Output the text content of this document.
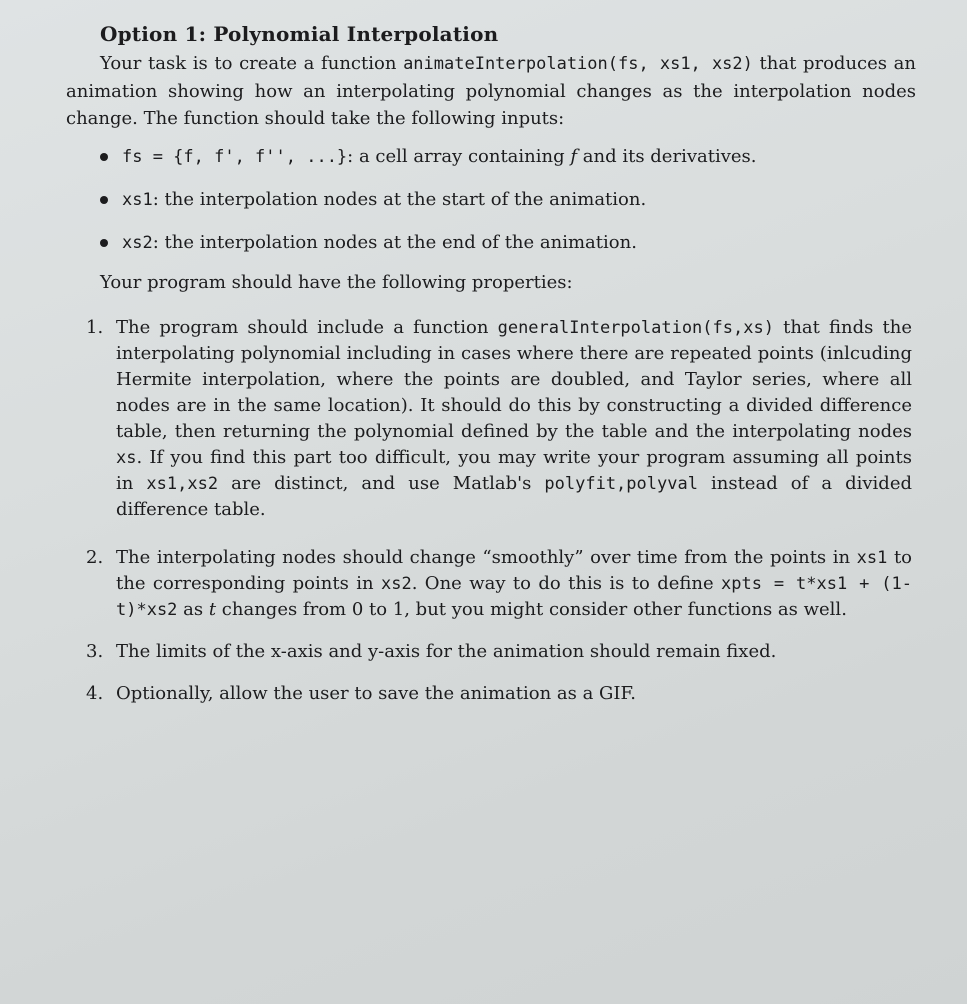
Option 1: Polynomial Interpolation
Your task is to create a function animateInterpolation(fs, xs1, xs2) that produces an animation showing how an interpolating polynomial changes as the interpolation nodes change. The function should take the following inputs:
fs = {f, f', f'', ...}: a cell array containing f and its derivatives.
xs1: the interpolation nodes at the start of the animation.
xs2: the interpolation nodes at the end of the animation.
Your program should have the following properties:
1. The program should include a function generalInterpolation(fs,xs) that finds the interpolating polynomial including in cases where there are repeated points (inlcuding Hermite interpolation, where the points are doubled, and Taylor series, where all nodes are in the same location). It should do this by constructing a divided difference table, then returning the polynomial defined by the table and the interpolating nodes xs. If you find this part too difficult, you may write your program assuming all points in xs1,xs2 are distinct, and use Matlab's polyfit,polyval instead of a divided difference table.
2. The interpolating nodes should change “smoothly” over time from the points in xs1 to the corresponding points in xs2. One way to do this is to define xpts = t*xs1 + (1-t)*xs2 as t changes from 0 to 1, but you might consider other functions as well.
3. The limits of the x-axis and y-axis for the animation should remain fixed.
4. Optionally, allow the user to save the animation as a GIF.
